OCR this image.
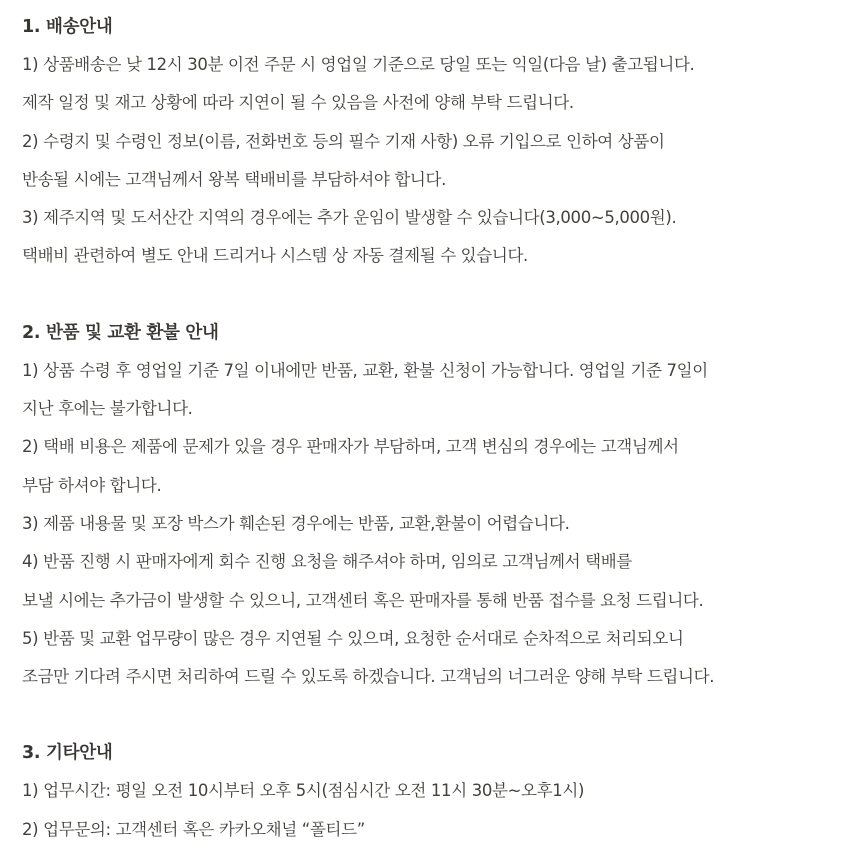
1. 배송안내

1) 상품배송은 낮 12시 30분 이전 주문 시 영업일 기준으로 당일 또는 익일(다음 날) 출고됩니다.

제작 일정 및 재고 상황에 따라 지연이 될 수 있음을 사전에 양해 부탁 드립니다.

2) 수령지 및 수령인 정보(이름, 전화번호 등의 필수 기재 사항) 오류 기입으로 인하여 상품이

반송될 시에는 고객님께서 왕복 택배비를 부담하셔야 합니다.

3) 제주지역 및 도서산간 지역의 경우에는 추가 운임이 발생할 수 있습니다(3,000~5,000원).

택배비 관련하여 별도 안내 드리거나 시스템 상 자동 결제될 수 있습니다.

2. 반품 및 교환 환불 안내

1) 상품 수령 후 영업일 기준 7일 이내에만 반품, 교환, 환불 신청이 가능합니다. 영업일 기준 7일이

지난 후에는 불가합니다.

2) 택배 비용은 제품에 문제가 있을 경우 판매자가 부담하며, 고객 변심의 경우에는 고객님께서

부담 하셔야 합니다.

3) 제품 내용물 및 포장 박스가 훼손된 경우에는 반품, 교환,환불이 어렵습니다.

4) 반품 진행 시 판매자에게 회수 진행 요청을 해주셔야 하며, 임의로 고객님께서 택배를

보낼 시에는 추가금이 발생할 수 있으니, 고객센터 혹은 판매자를 통해 반품 접수를 요청 드립니다.

5) 반품 및 교환 업무량이 많은 경우 지연될 수 있으며, 요청한 순서대로 순차적으로 처리되오니

조금만 기다려 주시면 처리하여 드릴 수 있도록 하겠습니다. 고객님의 너그러운 양해 부탁 드립니다.

3. 기타안내

1) 업무시간: 평일 오전 10시부터 오후 5시(점심시간 오전 11시 30분~오후1시)

2) 업무문의: 고객센터 혹은 카카오채널 “폴티드”
